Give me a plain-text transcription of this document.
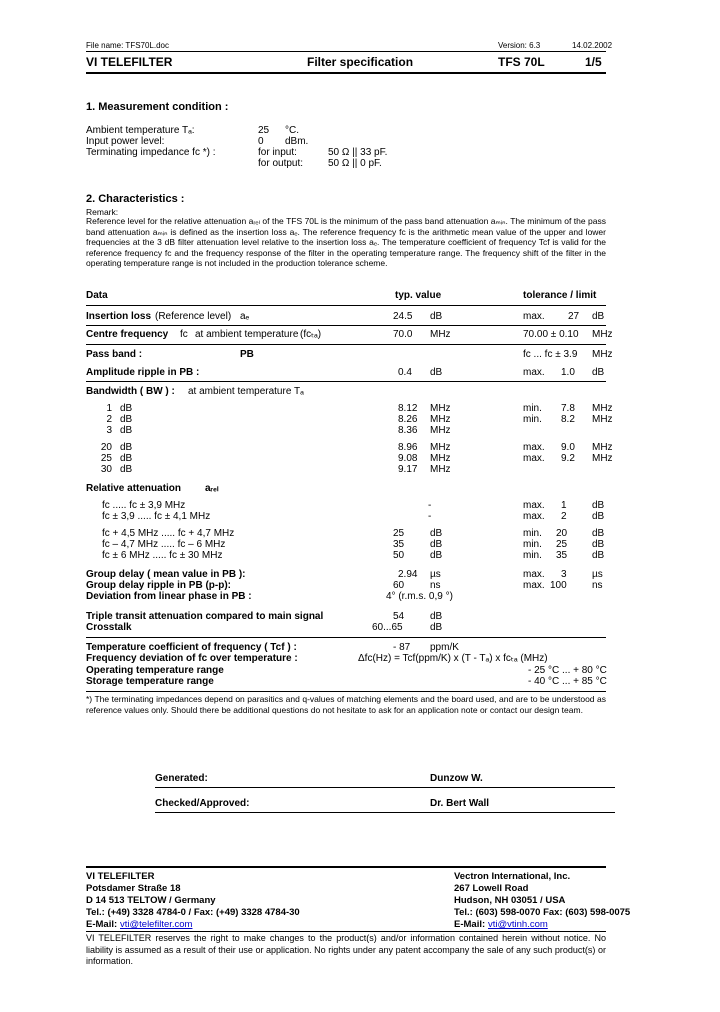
File name: TFS70L.doc	Version: 6.3	14.02.2002
VI TELEFILTER	Filter specification	TFS 70L	1/5
1. Measurement condition :
Ambient temperature Tₐ:	25 °C.
Input power level:	0 dBm.
Terminating impedance fᴄ *) :	for input:	50 Ω || 33 pF.
for output: 50 Ω || 0 pF.
2. Characteristics :
Remark:
Reference level for the relative attenuation aᵣₑₗ of the TFS 70L is the minimum of the pass band attenuation aₘᵢₙ. The minimum of the pass band attenuation aₘᵢₙ is defined as the insertion loss aₑ. The reference frequency fᴄ is the arithmetic mean value of the upper and lower frequencies at the 3 dB filter attenuation level relative to the insertion loss aₑ. The temperature coefficient of frequency Tcf is valid for the reference frequency fᴄ and the frequency response of the filter in the operating temperature range. The frequency shift of the filter in the operating temperature range is not included in the production tolerance scheme.
Data	typ. value	tolerance / limit
Insertion loss (Reference level) aₑ	24.5 dB	max. 27 dB
Centre frequency fᴄ at ambient temperature (fᴄₜₐ)	70.0 MHz	70.00 ± 0.10 MHz
Pass band :	PB	fᴄ ... fᴄ ± 3.9 MHz
Amplitude ripple in PB :	0.4 dB	max. 1.0 dB
Bandwidth ( BW ) : at ambient temperature Tₐ
1 dB	8.12 MHz	min. 7.8 MHz
2 dB	8.26 MHz	min. 8.2 MHz
3 dB	8.36 MHz
20 dB	8.96 MHz	max. 9.0 MHz
25 dB	9.08 MHz	max. 9.2 MHz
30 dB	9.17 MHz
Relative attenuation aᵣₑₗ
fᴄ ..... fᴄ ± 3,9 MHz	-	max. 1	dB
fᴄ ± 3,9 ..... fᴄ ± 4,1 MHz	-	max. 2	dB
fᴄ + 4,5 MHz ..... fᴄ + 4,7 MHz	25	dB	min. 20 dB
fᴄ – 4,7 MHz ..... fᴄ – 6 MHz	35	dB	min. 25 dB
fᴄ ± 6 MHz ..... fᴄ ± 30 MHz	50	dB	min. 35 dB
Group delay ( mean value in PB ):	2.94 µs	max. 3	µs
Group delay ripple in PB (p-p):	60	ns	max. 100	ns
Deviation from linear phase in PB :	4° (r.m.s. 0,9 °)
Triple transit attenuation compared to main signal	54	dB
Crosstalk	60...65	dB
Temperature coefficient of frequency ( Tcf ) :	- 87 ppm/K
Frequency deviation of fᴄ over temperature :	Δfᴄ(Hz) = Tcf(ppm/K) x (T - Tₐ) x fᴄₜₐ (MHz)
Operating temperature range	- 25 °C ... + 80 °C
Storage temperature range	- 40 °C ... + 85 °C
*) The terminating impedances depend on parasitics and q-values of matching elements and the board used, and are to be understood as reference values only. Should there be additional questions do not hesitate to ask for an application note or contact our design team.
Generated:	Dunzow W.
Checked/Approved:	Dr. Bert Wall
VI TELEFILTER
Potsdamer Straße 18
D 14 513 TELTOW / Germany
Tel.: (+49) 3328 4784-0 / Fax: (+49) 3328 4784-30
E-Mail: vti@telefilter.com
Vectron International, Inc.
267 Lowell Road
Hudson, NH 03051 / USA
Tel.: (603) 598-0070 Fax: (603) 598-0075
E-Mail: vti@vtinh.com
VI TELEFILTER reserves the right to make changes to the product(s) and/or information contained herein without notice. No liability is assumed as a result of their use or application. No rights under any patent accompany the sale of any such product(s) or information.
